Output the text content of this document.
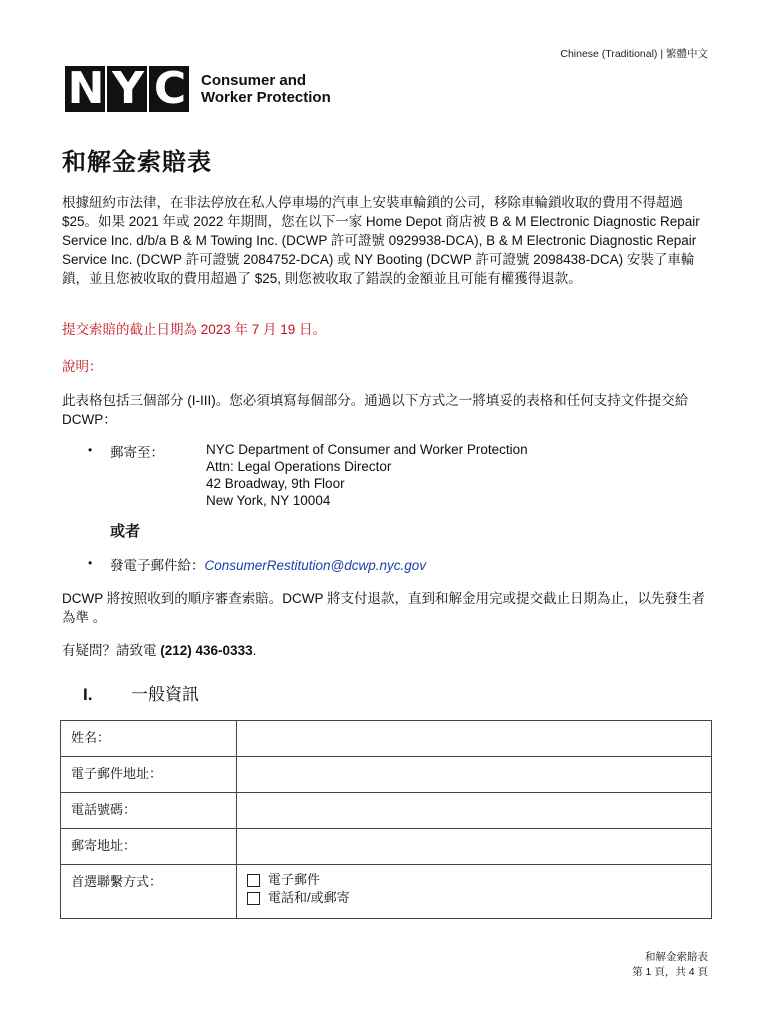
Chinese (Traditional) | 繁體中文
N Y C	Consumer and
Worker Protection
和解金索賠表
根據紐約市法律，在非法停放在私人停車場的汽車上安裝車輪鎖的公司，移除車輪鎖收取的費用不得超過 $25。如果 2021 年或 2022 年期間，您在以下一家 Home Depot 商店被 B & M Electronic Diagnostic Repair Service Inc. d/b/a B & M Towing Inc. (DCWP 許可證號 0929938-DCA), B & M Electronic Diagnostic Repair Service Inc. (DCWP 許可證號 2084752-DCA) 或 NY Booting (DCWP 許可證號 2098438-DCA) 安裝了車輪鎖，並且您被收取的費用超過了 $25, 則您被收取了錯誤的金額並且可能有權獲得退款。
提交索賠的截止日期為 2023 年 7 月 19 日。
說明：
此表格包括三個部分 (I-III)。您必須填寫每個部分。通過以下方式之一將填妥的表格和任何支持文件提交給 DCWP：
• 郵寄至：	NYC Department of Consumer and Worker Protection
Attn: Legal Operations Director
42 Broadway, 9th Floor
New York, NY 10004
或者
• 發電子郵件給：ConsumerRestitution@dcwp.nyc.gov
DCWP 將按照收到的順序審查索賠。DCWP 將支付退款，直到和解金用完或提交截止日期為止，以先發生者為準 。
有疑問？請致電 (212) 436-0333.
I. 一般資訊
姓名：	
電子郵件地址：	
電話號碼：	
郵寄地址：	
首選聯繫方式：	電子郵件
電話和/或郵寄
和解金索賠表
第 1 頁，共 4 頁
